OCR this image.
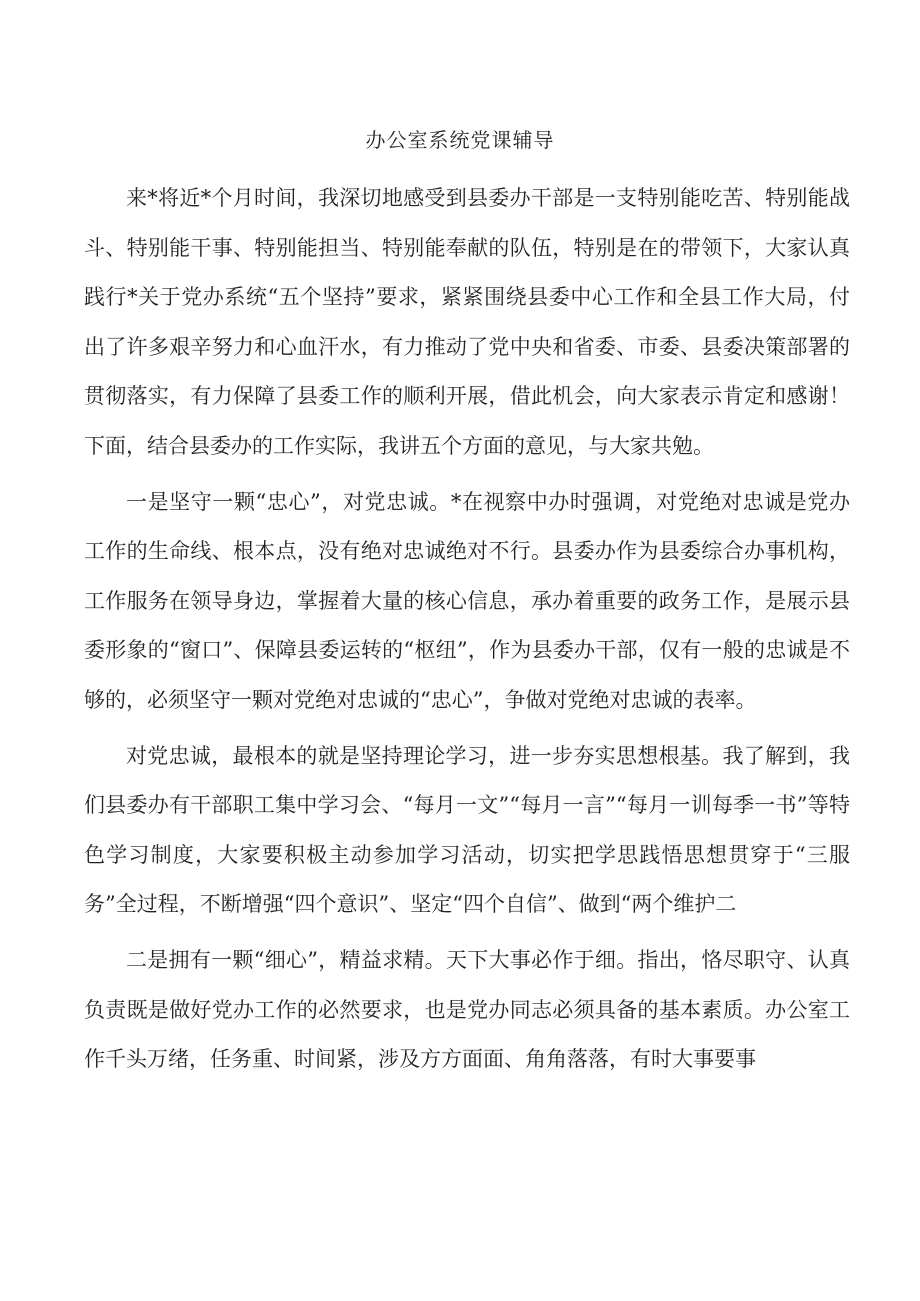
办公室系统党课辅导

来*将近*个月时间，我深切地感受到县委办干部是一支特别能吃苦、特别能战斗、特别能干事、特别能担当、特别能奉献的队伍，特别是在的带领下，大家认真践行*关于党办系统“五个坚持”要求，紧紧围绕县委中心工作和全县工作大局，付出了许多艰辛努力和心血汗水，有力推动了党中央和省委、市委、县委决策部署的贯彻落实，有力保障了县委工作的顺利开展，借此机会，向大家表示肯定和感谢！下面，结合县委办的工作实际，我讲五个方面的意见，与大家共勉。

一是坚守一颗“忠心”，对党忠诚。*在视察中办时强调，对党绝对忠诚是党办工作的生命线、根本点，没有绝对忠诚绝对不行。县委办作为县委综合办事机构，工作服务在领导身边，掌握着大量的核心信息，承办着重要的政务工作，是展示县委形象的“窗口”、保障县委运转的“枢纽”，作为县委办干部，仅有一般的忠诚是不够的，必须坚守一颗对党绝对忠诚的“忠心”，争做对党绝对忠诚的表率。

对党忠诚，最根本的就是坚持理论学习，进一步夯实思想根基。我了解到，我们县委办有干部职工集中学习会、“每月一文”“每月一言”“每月一训每季一书”等特色学习制度，大家要积极主动参加学习活动，切实把学思践悟思想贯穿于“三服务”全过程，不断增强“四个意识”、坚定“四个自信”、做到“两个维护二

二是拥有一颗“细心”，精益求精。天下大事必作于细。指出，恪尽职守、认真负责既是做好党办工作的必然要求，也是党办同志必须具备的基本素质。办公室工作千头万绪，任务重、时间紧，涉及方方面面、角角落落，有时大事要事
